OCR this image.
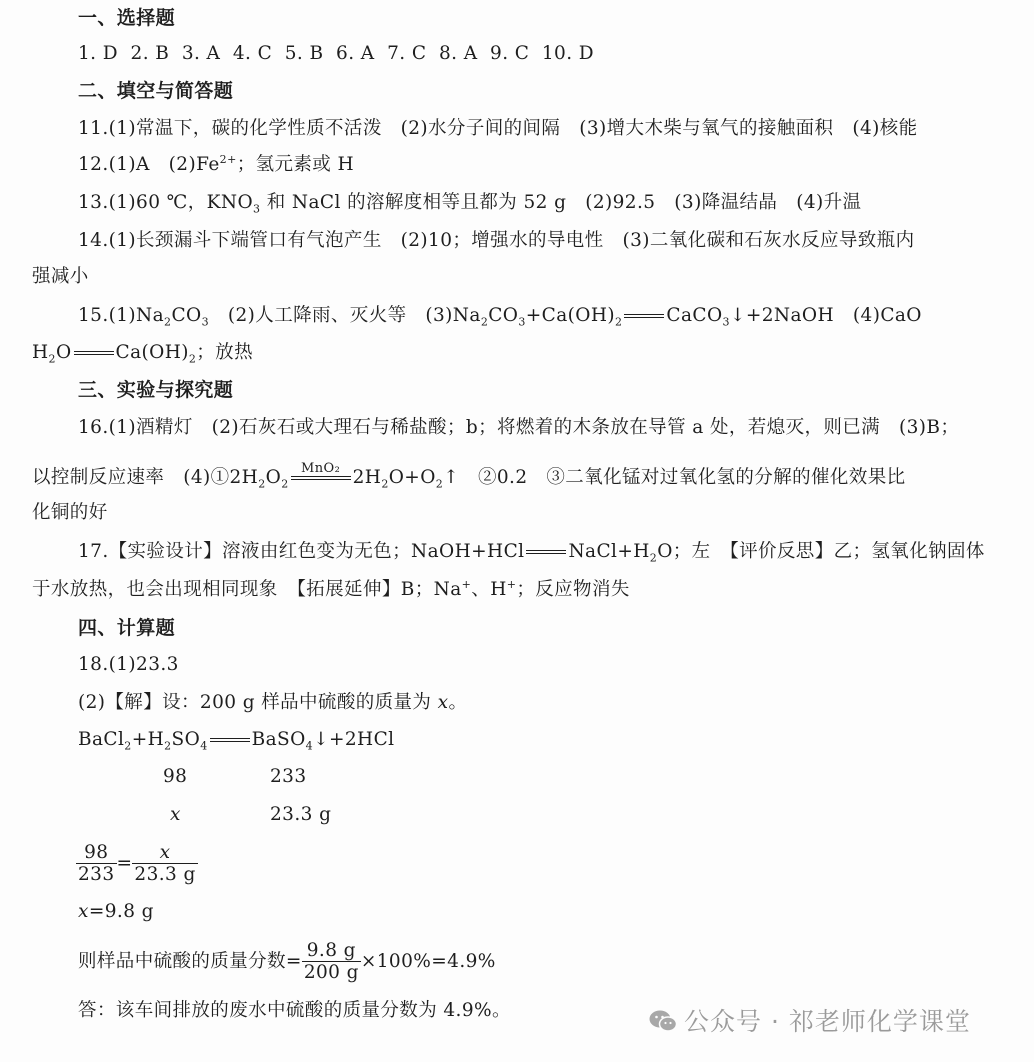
一、选择题
1. D 2. B 3. A 4. C 5. B 6. A 7. C 8. A 9. C 10. D
二、填空与简答题
11.(1)常温下，碳的化学性质不活泼　(2)水分子间的间隔　(3)增大木柴与氧气的接触面积　(4)核能
12.(1)A　$(2)Fe^{2+}$；氢元素或 H
13.(1)60 ℃，$KNO_3$ 和 NaCl 的溶解度相等且都为 52 g　(2)92.5　(3)降温结晶　(4)升温
14.(1)长颈漏斗下端管口有气泡产生　(2)10；增强水的导电性　(3)二氧化碳和石灰水反应导致瓶内
强减小
$15.(1)Na_2CO_3$　(2)人工降雨、灭火等　$(3)Na_2CO_3+Ca(OH)_2$ CaCO$_3$↓+2NaOH　(4)CaO
$H_2O$ $Ca(OH)_2$；放热
三、实验与探究题
16.(1)酒精灯　(2)石灰石或大理石与稀盐酸；b；将燃着的木条放在导管 a 处，若熄灭，则已满　(3)B；
以控制反应速率　$(4)①2H_2O_2$
MnO₂ $2H_2O+O_2↑$　②0.2　③二氧化锰对过氧化氢的分解的催化效果比
化铜的好
17.【实验设计】溶液由红色变为无色；NaOH+HCl $NaCl+H_2O$；左　【评价反思】乙；氢氧化钠固体
于水放热，也会出现相同现象　【拓展延伸】B；Na+、H+；反应物消失
四、计算题
18.(1)23.3
(2)【解】设：200 g 样品中硫酸的质量为 x。
$BaCl_2+H_2SO_4$ BaSO$_4$↓+2HCl
98	233
x	23.3 g
$\frac{98}{233} = \frac{x}{23.3 g}$
x=9.8 g
则样品中硫酸的质量分数= $\frac{9.8 g}{200 g} \times 100\%=4.9\%$
答：该车间排放的废水中硫酸的质量分数为 4.9%。	公众号 · 祁老师化学课堂
